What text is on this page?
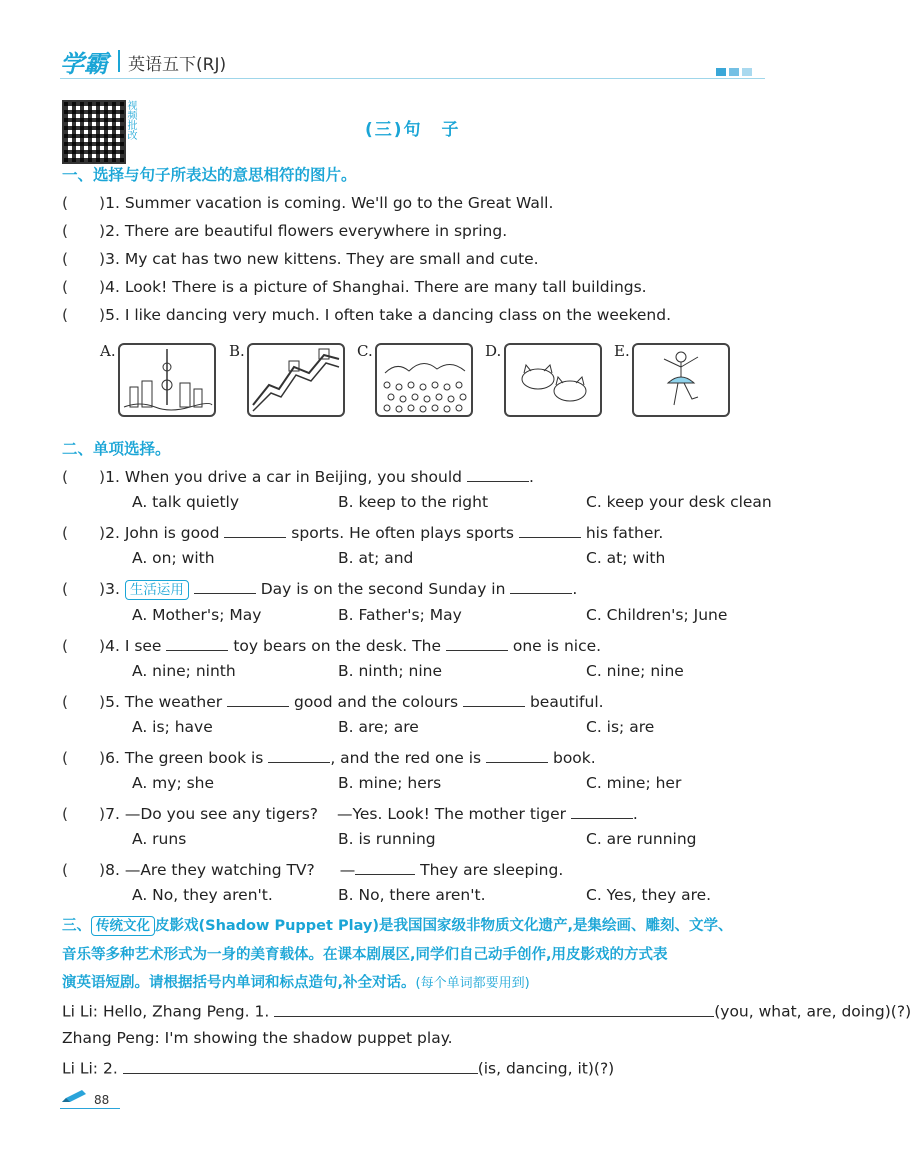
学霸 英语五下(RJ)
视频批改	(三)句　子
一、选择与句子所表达的意思相符的图片。
(　　)1. Summer vacation is coming. We'll go to the Great Wall.
(　　)2. There are beautiful flowers everywhere in spring.
(　　)3. My cat has two new kittens. They are small and cute.
(　　)4. Look! There is a picture of Shanghai. There are many tall buildings.
(　　)5. I like dancing very much. I often take a dancing class on the weekend.
A.	B.	C.	D.	E.
二、单项选择。
(　　)1. When you drive a car in Beijing, you should	.
A. talk quietly	B. keep to the right	C. keep your desk clean
(　　)2. John is good	sports. He often plays sports	his father.
A. on; with	B. at; and	C. at; with
(　　)3. 生活运用	Day is on the second Sunday in	.
A. Mother's; May	B. Father's; May	C. Children's; June
(　　)4. I see	toy bears on the desk. The	one is nice.
A. nine; ninth	B. ninth; nine	C. nine; nine
(　　)5. The weather	good and the colours	beautiful.
A. is; have	B. are; are	C. is; are
(　　)6. The green book is	, and the red one is	book.
A. my; she	B. mine; hers	C. mine; her
(　　)7. —Do you see any tigers? —Yes. Look! The mother tiger	.
A. runs	B. is running	C. are running
(　　)8. —Are they watching TV? —	They are sleeping.
A. No, they aren't.	B. No, there aren't.	C. Yes, they are.
三、 传统文化 皮影戏(Shadow Puppet Play)是我国国家级非物质文化遗产,是集绘画、雕刻、文学、
音乐等多种艺术形式为一身的美育载体。在课本剧展区,同学们自己动手创作,用皮影戏的方式表
演英语短剧。请根据括号内单词和标点造句,补全对话。(每个单词都要用到)
Li Li: Hello, Zhang Peng. 1.	(you, what, are, doing)(?)
Zhang Peng: I'm showing the shadow puppet play.
Li Li: 2.	(is, dancing, it)(?)
88
